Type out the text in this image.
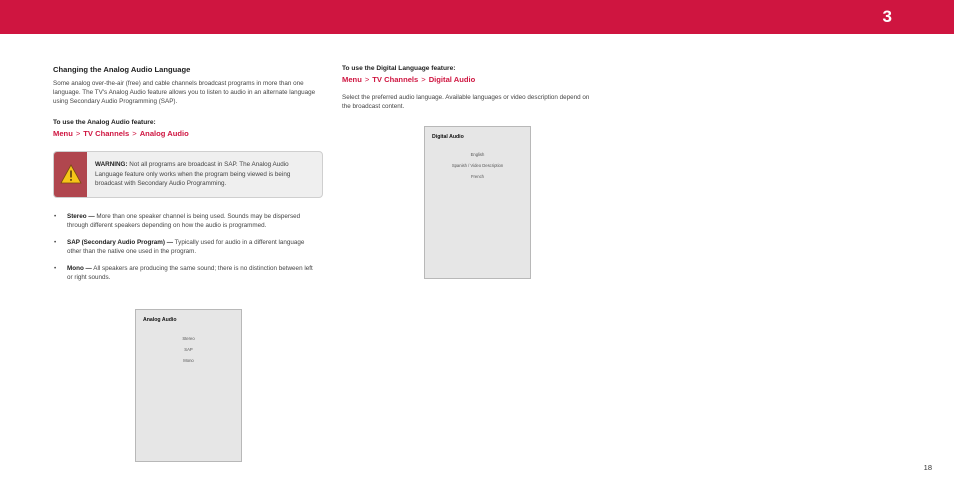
3
Changing the Analog Audio Language
Some analog over-the-air (free) and cable channels broadcast programs in more than one language. The TV's Analog Audio feature allows you to listen to audio in an alternate language using Secondary Audio Programming (SAP).
To use the Analog Audio feature:
Menu > TV Channels > Analog Audio
WARNING: Not all programs are broadcast in SAP. The Analog Audio Language feature only works when the program being viewed is being broadcast with Secondary Audio Programming.
• Stereo — More than one speaker channel is being used. Sounds may be dispersed through different speakers depending on how the audio is programmed.
• SAP (Secondary Audio Program) — Typically used for audio in a different language other than the native one used in the program.
• Mono — All speakers are producing the same sound; there is no distinction between left or right sounds.
Analog Audio
Stereo
SAP
Mono
To use the Digital Language feature:
Menu > TV Channels > Digital Audio
Select the preferred audio language. Available languages or video description depend on the broadcast content.
Digital Audio
English
Spanish / Video Description
French
18
